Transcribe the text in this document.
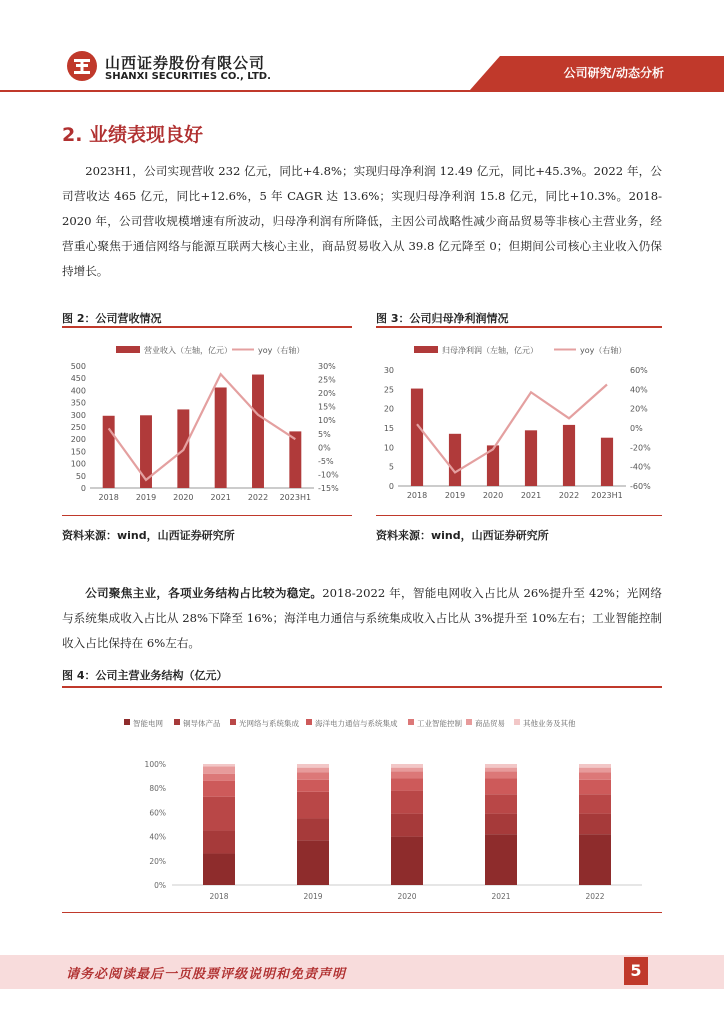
山西证券股份有限公司
SHANXI SECURITIES CO., LTD.	公司研究/动态分析
2. 业绩表现良好
2023H1，公司实现营收 232 亿元，同比+4.8%；实现归母净利润 12.49 亿元，同比+45.3%。2022 年，公司营收达 465 亿元，同比+12.6%，5 年 CAGR 达 13.6%；实现归母净利润 15.8 亿元，同比+10.3%。2018-2020 年，公司营收规模增速有所波动，归母净利润有所降低，主因公司战略性减少商品贸易等非核心主营业务，经营重心聚焦于通信网络与能源互联两大核心主业，商品贸易收入从 39.8 亿元降至 0；但期间公司核心主业收入仍保持增长。
图 2：公司营收情况
营业收入（左轴，亿元）	yoy（右轴）
0
50
100
150
200
250
300
350
400
450
500
-15%
-10%
-5%
0%
5%
10%
15%
20%
25%
30%
2018 2019 2020 2021 2022 2023H1
资料来源：wind，山西证券研究所
图 3：公司归母净利润情况
归母净利润（左轴，亿元）	yoy（右轴）
0
5
10
15
20
25
30
-60%
-40%
-20%
0%
20%
40%
60%
2018 2019 2020 2021 2022 2023H1
资料来源：wind，山西证券研究所
公司聚焦主业，各项业务结构占比较为稳定。2018-2022 年，智能电网收入占比从 26%提升至 42%；光网络与系统集成收入占比从 28%下降至 16%；海洋电力通信与系统集成收入占比从 3%提升至 10%左右；工业智能控制收入占比保持在 6%左右。
图 4：公司主营业务结构（亿元）
智能电网	铜导体产品 光网络与系统集成 海洋电力通信与系统集成	工业智能控制 商品贸易 其他业务及其他
0%
20%
40%
60%
80%
100%
2018	2019	2020	2021	2022
请务必阅读最后一页股票评级说明和免责声明	5
